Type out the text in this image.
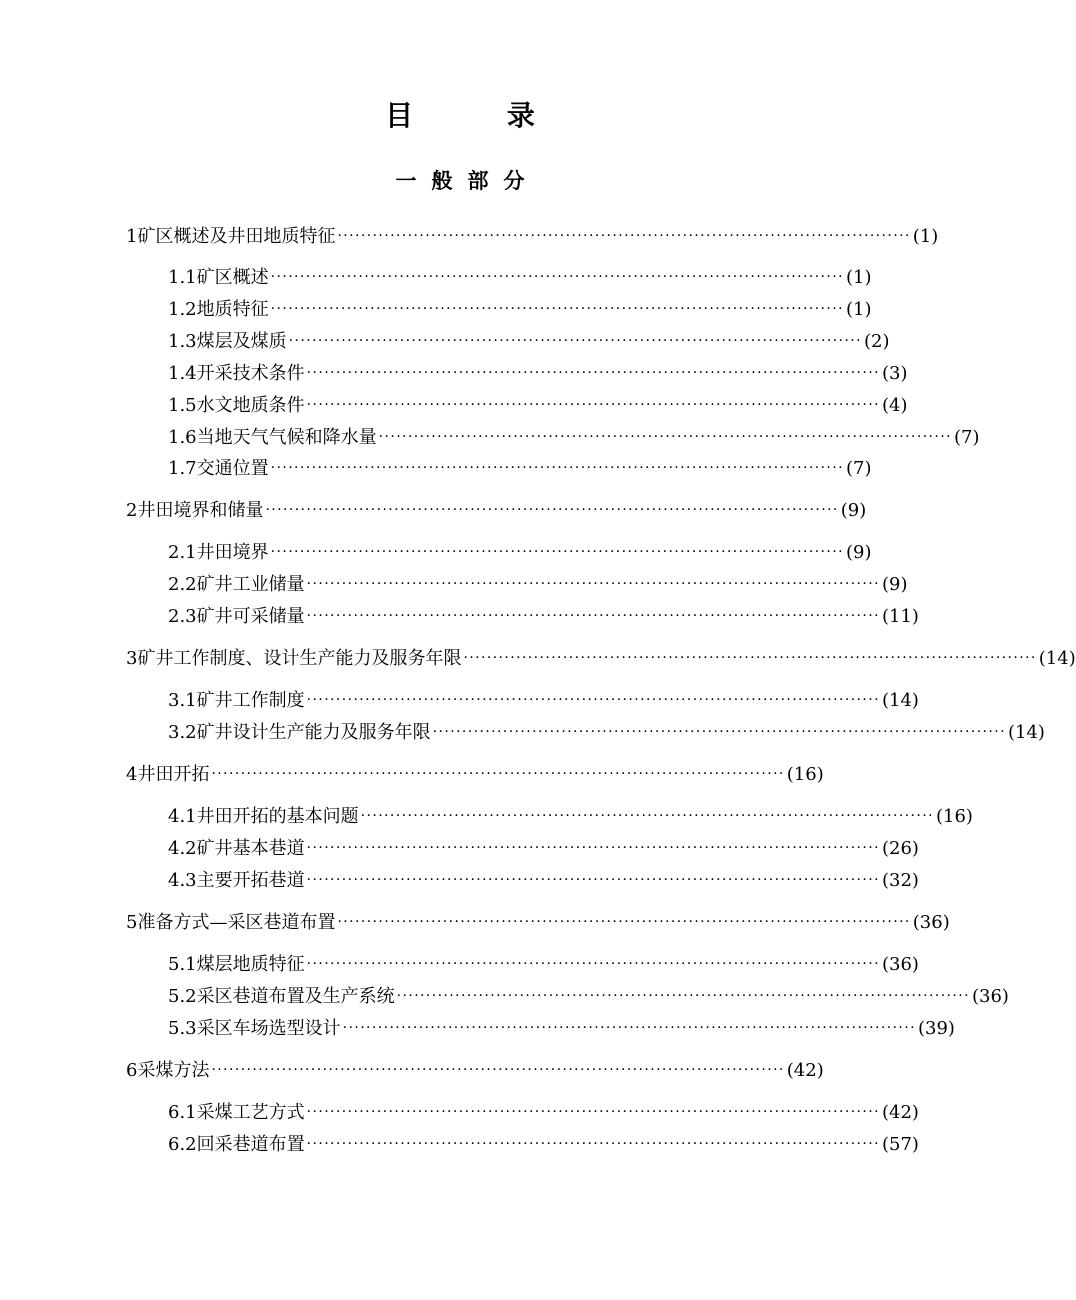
目 录
一般部分
1 矿区概述及井田地质特征 ·································································································· (1)
1.1 矿区概述 ·································································································· (1)
1.2 地质特征 ·································································································· (1)
1.3 煤层及煤质 ·································································································· (2)
1.4 开采技术条件 ·································································································· (3)
1.5 水文地质条件 ·································································································· (4)
1.6 当地天气气候和降水量 ·································································································· (7)
1.7 交通位置 ·································································································· (7)
2 井田境界和储量 ·································································································· (9)
2.1 井田境界 ·································································································· (9)
2.2 矿井工业储量 ·································································································· (9)
2.3 矿井可采储量 ·································································································· (11)
3 矿井工作制度、设计生产能力及服务年限 ·································································································· (14)
3.1 矿井工作制度 ·································································································· (14)
3.2 矿井设计生产能力及服务年限 ·································································································· (14)
4 井田开拓 ·································································································· (16)
4.1 井田开拓的基本问题 ·································································································· (16)
4.2 矿井基本巷道 ·································································································· (26)
4.3 主要开拓巷道 ·································································································· (32)
5 准备方式—采区巷道布置 ·································································································· (36)
5.1 煤层地质特征 ·································································································· (36)
5.2 采区巷道布置及生产系统 ·································································································· (36)
5.3 采区车场选型设计 ·································································································· (39)
6 采煤方法 ·································································································· (42)
6.1 采煤工艺方式 ·································································································· (42)
6.2 回采巷道布置 ·································································································· (57)
